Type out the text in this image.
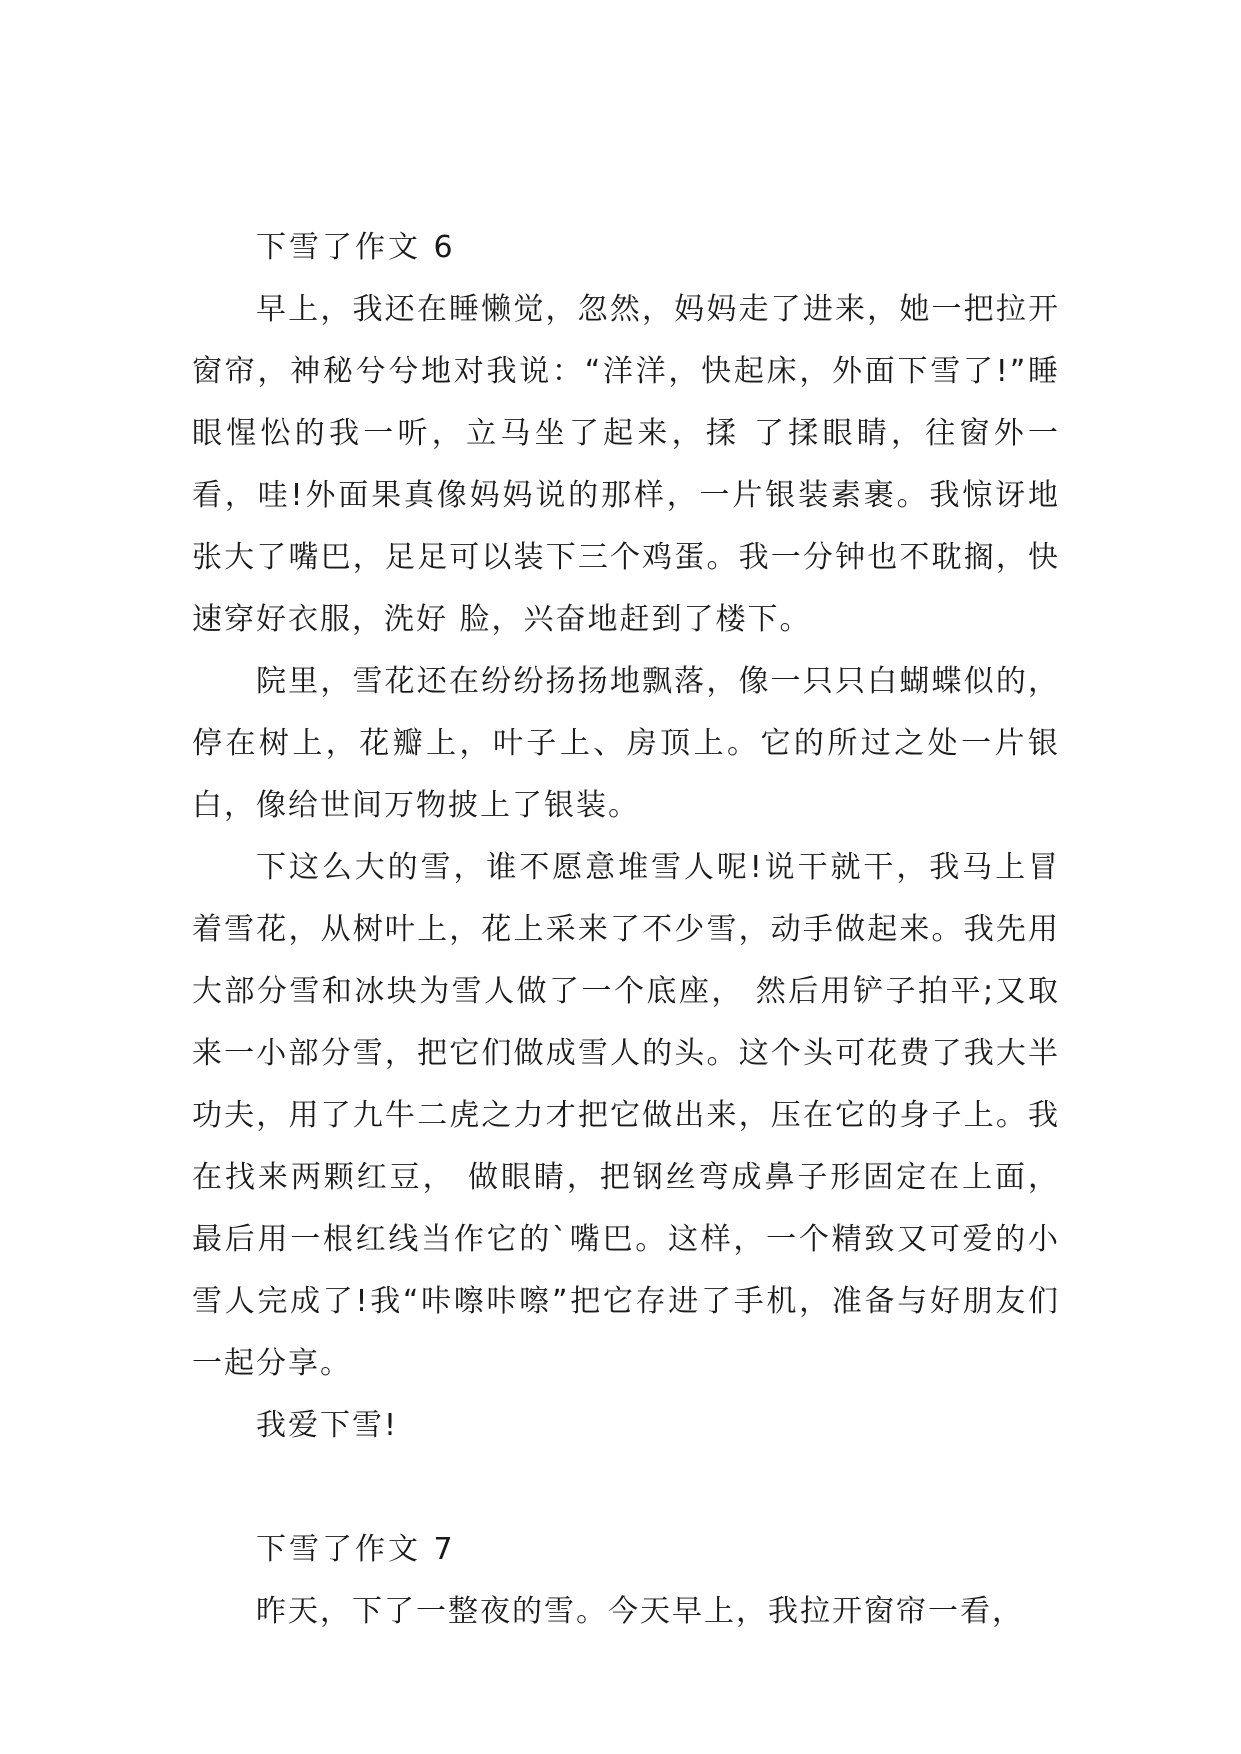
下雪了作文 6

早上，我还在睡懒觉，忽然，妈妈走了进来，她一把拉开窗帘，神秘兮兮地对我说：“洋洋，快起床，外面下雪了!”睡眼惺忪的我一听，立马坐了起来，揉 了揉眼睛，往窗外一看，哇!外面果真像妈妈说的那样，一片银装素裹。我惊讶地张大了嘴巴，足足可以装下三个鸡蛋。我一分钟也不耽搁，快速穿好衣服，洗好 脸，兴奋地赶到了楼下。

院里，雪花还在纷纷扬扬地飘落，像一只只白蝴蝶似的，停在树上，花瓣上，叶子上、房顶上。它的所过之处一片银白，像给世间万物披上了银装。

下这么大的雪，谁不愿意堆雪人呢!说干就干，我马上冒着雪花，从树叶上，花上采来了不少雪，动手做起来。我先用大部分雪和冰块为雪人做了一个底座， 然后用铲子拍平;又取来一小部分雪，把它们做成雪人的头。这个头可花费了我大半功夫，用了九牛二虎之力才把它做出来，压在它的身子上。我在找来两颗红豆， 做眼睛，把钢丝弯成鼻子形固定在上面，最后用一根红线当作它的`嘴巴。这样，一个精致又可爱的小雪人完成了!我“咔嚓咔嚓”把它存进了手机，准备与好朋友们 一起分享。

我爱下雪!

下雪了作文 7

昨天，下了一整夜的雪。今天早上，我拉开窗帘一看，
